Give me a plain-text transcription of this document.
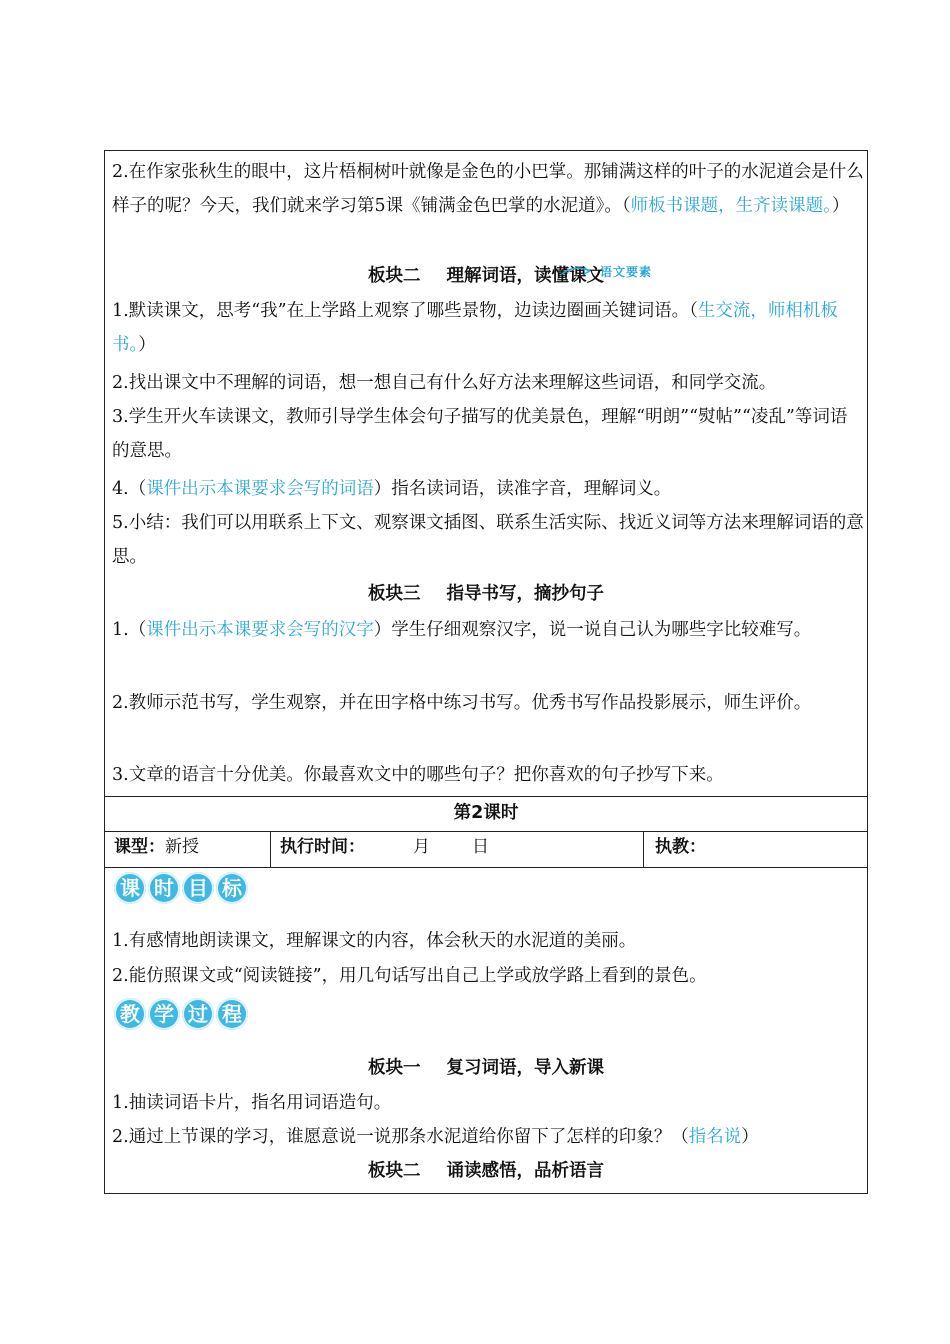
2.在作家张秋生的眼中，这片梧桐树叶就像是金色的小巴掌。那铺满这样的叶子的水泥道会是什么样子的呢？今天，我们就来学习第5课《铺满金色巴掌的水泥道》。（师板书课题，生齐读课题。）

板块二 理解词语，读懂课文
语文要素

1.默读课文，思考“我”在上学路上观察了哪些景物，边读边圈画关键词语。（生交流，师相机板书。）

2.找出课文中不理解的词语，想一想自己有什么好方法来理解这些词语，和同学交流。

3.学生开火车读课文，教师引导学生体会句子描写的优美景色，理解“明朗”“熨帖”“凌乱”等词语的意思。

4.（课件出示本课要求会写的词语）指名读词语，读准字音，理解词义。

5.小结：我们可以用联系上下文、观察课文插图、联系生活实际、找近义词等方法来理解词语的意思。

板块三 指导书写，摘抄句子

1.（课件出示本课要求会写的汉字）学生仔细观察汉字，说一说自己认为哪些字比较难写。

2.教师示范书写，学生观察，并在田字格中练习书写。优秀书写作品投影展示，师生评价。

3.文章的语言十分优美。你最喜欢文中的哪些句子？把你喜欢的句子抄写下来。

第2课时
课型：新授	执行时间：	月 日	执教：
课 时 目 标

1.有感情地朗读课文，理解课文的内容，体会秋天的水泥道的美丽。

2.能仿照课文或“阅读链接”，用几句话写出自己上学或放学路上看到的景色。

教 学 过 程
板块一 复习词语，导入新课

1.抽读词语卡片，指名用词语造句。

2.通过上节课的学习，谁愿意说一说那条水泥道给你留下了怎样的印象？（指名说）

板块二 诵读感悟，品析语言
